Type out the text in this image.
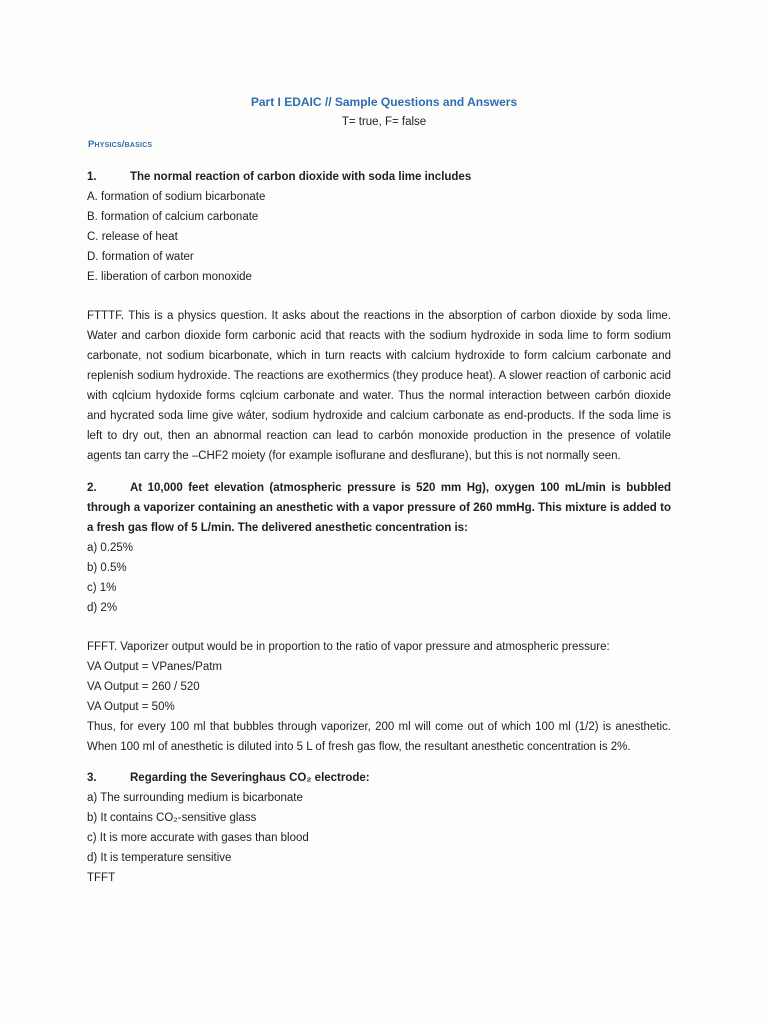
Part I EDAIC // Sample Questions and Answers
T= true, F= false
Physics/basics
1.	The normal reaction of carbon dioxide with soda lime includes
A. formation of sodium bicarbonate
B. formation of calcium carbonate
C. release of heat
D. formation of water
E. liberation of carbon monoxide
FTTTF. This is a physics question. It asks about the reactions in the absorption of carbon dioxide by soda lime. Water and carbon dioxide form carbonic acid that reacts with the sodium hydroxide in soda lime to form sodium carbonate, not sodium bicarbonate, which in turn reacts with calcium hydroxide to form calcium carbonate and replenish sodium hydroxide. The reactions are exothermics (they produce heat). A slower reaction of carbonic acid with cqlcium hydoxide forms cqlcium carbonate and water. Thus the normal interaction between carbón dioxide and hycrated soda lime give wáter, sodium hydroxide and calcium carbonate as end-products. If the soda lime is left to dry out, then an abnormal reaction can lead to carbón monoxide production in the presence of volatile agents tan carry the –CHF2 moiety (for example isoflurane and desflurane), but this is not normally seen.
2.	At 10,000 feet elevation (atmospheric pressure is 520 mm Hg), oxygen 100 mL/min is bubbled through a vaporizer containing an anesthetic with a vapor pressure of 260 mmHg. This mixture is added to a fresh gas flow of 5 L/min. The delivered anesthetic concentration is:
a) 0.25%
b) 0.5%
c) 1%
d) 2%
FFFT. Vaporizer output would be in proportion to the ratio of vapor pressure and atmospheric pressure:
VA Output = VPanes/Patm
VA Output = 260 / 520
VA Output = 50%
Thus, for every 100 ml that bubbles through vaporizer, 200 ml will come out of which 100 ml (1/2) is anesthetic. When 100 ml of anesthetic is diluted into 5 L of fresh gas flow, the resultant anesthetic concentration is 2%.
3.	Regarding the Severinghaus CO₂ electrode:
a) The surrounding medium is bicarbonate
b) It contains CO₂-sensitive glass
c) It is more accurate with gases than blood
d) It is temperature sensitive
TFFT
